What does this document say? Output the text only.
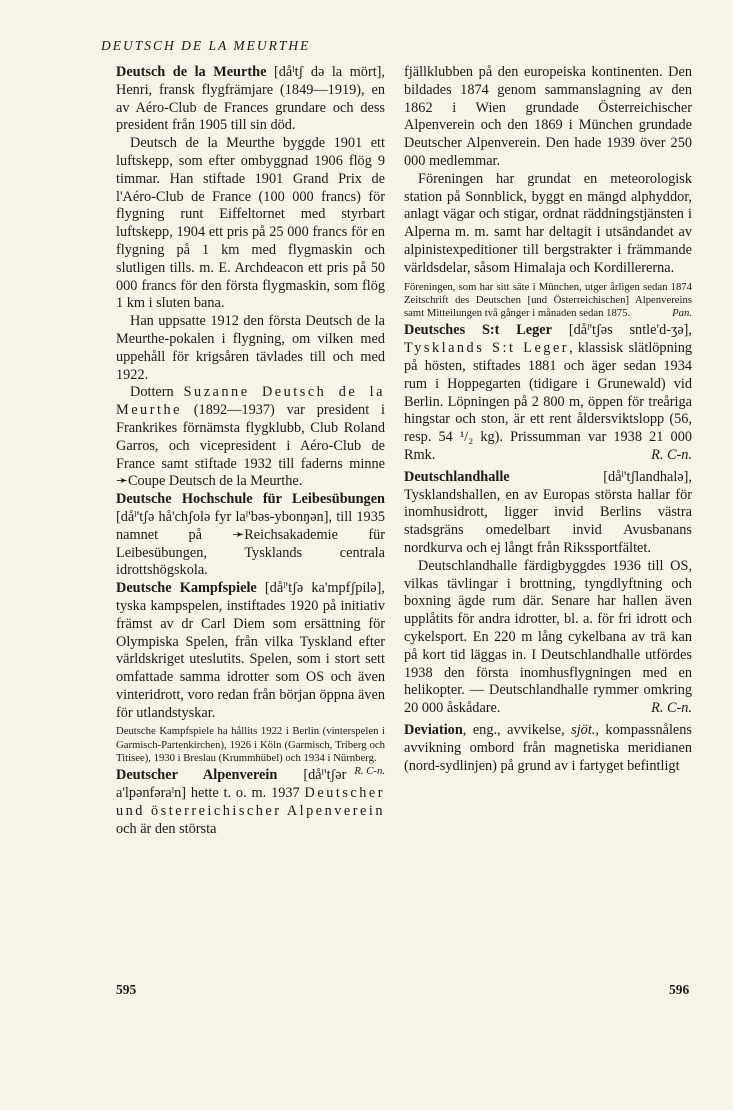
DEUTSCH DE LA MEURTHE

Deutsch de la Meurthe [dåˡtʃ də la mört], Henri, fransk flygfrämjare (1849—1919), en av Aéro-Club de Frances grundare och dess president från 1905 till sin död.

Deutsch de la Meurthe byggde 1901 ett luftskepp, som efter ombyggnad 1906 flög 9 timmar. Han stiftade 1901 Grand Prix de l'Aéro-Club de France (100 000 francs) för flygning runt Eiffeltornet med styrbart luftskepp, 1904 ett pris på 25 000 francs för en flygning på 1 km med flygmaskin och slutligen tills. m. E. Archdeacon ett pris på 50 000 francs för den första flygmaskin, som flög 1 km i sluten bana.

Han uppsatte 1912 den första Deutsch de la Meurthe-pokalen i flygning, om vilken med uppehåll för krigsåren tävlades till och med 1922.

Dottern Suzanne Deutsch de la Meurthe (1892—1937) var president i Frankrikes förnämsta flygklubb, Club Roland Garros, och vicepresident i Aéro-Club de France samt stiftade 1932 till faderns minne ➛Coupe Deutsch de la Meurthe.

Deutsche Hochschule für Leibesübungen [dåˡ'tʃə hå'chʃolə fyr laˡ'bəs-ybonŋən], till 1935 namnet på ➛Reichsakademie für Leibesübungen, Tysklands centrala idrottshögskola.

Deutsche Kampfspiele [dåˡ'tʃə ka'mpfʃpilə], tyska kampspelen, instiftades 1920 på initiativ främst av dr Carl Diem som ersättning för Olympiska Spelen, från vilka Tyskland efter världskriget uteslutits. Spelen, som i stort sett omfattade samma idrotter som OS och även vinteridrott, voro redan från början öppna även för utlandstyskar.

Deutsche Kampfspiele ha hållits 1922 i Berlin (vinterspelen i Garmisch-Partenkirchen), 1926 i Köln (Garmisch, Triberg och Titisee), 1930 i Breslau (Krummhübel) och 1934 i Nürnberg.
R. C-n.

Deutscher Alpenverein [dåˡ'tʃər a'lpənfəraˡn] hette t. o. m. 1937 Deutscher und österreichischer Alpenverein och är den största

fjällklubben på den europeiska kontinenten. Den bildades 1874 genom sammanslagning av den 1862 i Wien grundade Österreichischer Alpenverein och den 1869 i München grundade Deutscher Alpenverein. Den hade 1939 över 250 000 medlemmar.

Föreningen har grundat en meteorologisk station på Sonnblick, byggt en mängd alphyddor, anlagt vägar och stigar, ordnat räddningstjänsten i Alperna m. m. samt har deltagit i utsändandet av alpinistexpeditioner till bergstrakter i främmande världsdelar, såsom Himalaja och Kordillererna.

Föreningen, som har sitt säte i München, utger årligen sedan 1874 Zeitschrift des Deutschen [und Österreichischen] Alpenvereins samt Mitteilungen två gånger i månaden sedan 1875.	Pan.

Deutsches S:t Leger [dåˡ'tʃəs sntle'd-ʒə], Tysklands S:t Leger, klassisk slätlöpning på hösten, stiftades 1881 och äger sedan 1934 rum i Hoppegarten (tidigare i Grunewald) vid Berlin. Löpningen på 2 800 m, öppen för treåriga hingstar och ston, är ett rent åldersviktslopp (56, resp. 54 ¹/₂ kg). Prissumman var 1938 21 000 Rmk.	R. C-n.

Deutschlandhalle [dåˡ'tʃlandhalə], Tysklandshallen, en av Europas största hallar för inomhusidrott, ligger invid Berlins västra stadsgräns omedelbart invid Avusbanans nordkurva och ej långt från Rikssportfältet.

Deutschlandhalle färdigbyggdes 1936 till OS, vilkas tävlingar i brottning, tyngdlyftning och boxning ägde rum där. Senare har hallen även upplåtits för andra idrotter, bl. a. för fri idrott och cykelsport. En 220 m lång cykelbana av trä kan på kort tid läggas in. I Deutschlandhalle utfördes 1938 den första inomhusflygningen med en helikopter. — Deutschlandhalle rymmer omkring 20 000 åskådare.	R. C-n.

Deviation, eng., avvikelse, sjöt., kompassnålens avvikning ombord från magnetiska meridianen (nord-sydlinjen) på grund av i fartyget befintligt

595	596
